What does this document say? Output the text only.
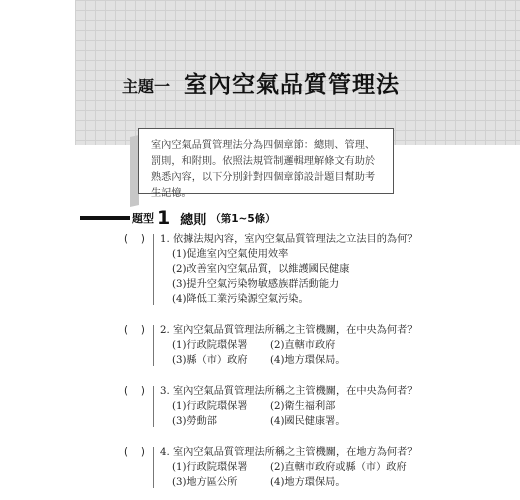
主題一 室內空氣品質管理法
室內空氣品質管理法分為四個章節：總則、管理、罰則，和附則。依照法規管制邏輯理解條文有助於熟悉內容，以下分別針對四個章節設計題目幫助考生記憶。
題型 1 總則 （第1~5條）
(    )	1. 依據法規內容，室內空氣品質管理法之立法目的為何？
(1)促進室內空氣使用效率
(2)改善室內空氣品質，以維護國民健康
(3)提升空氣污染物敏感族群活動能力
(4)降低工業污染源空氣污染。
(    )	2. 室內空氣品質管理法所稱之主管機關，在中央為何者？
(1)行政院環保署	(2)直轄市政府
(3)縣（市）政府	(4)地方環保局。
(    )	3. 室內空氣品質管理法所稱之主管機關，在中央為何者？
(1)行政院環保署	(2)衛生福利部
(3)勞動部	(4)國民健康署。
(    )	4. 室內空氣品質管理法所稱之主管機關，在地方為何者？
(1)行政院環保署	(2)直轄市政府或縣（市）政府
(3)地方區公所	(4)地方環保局。
